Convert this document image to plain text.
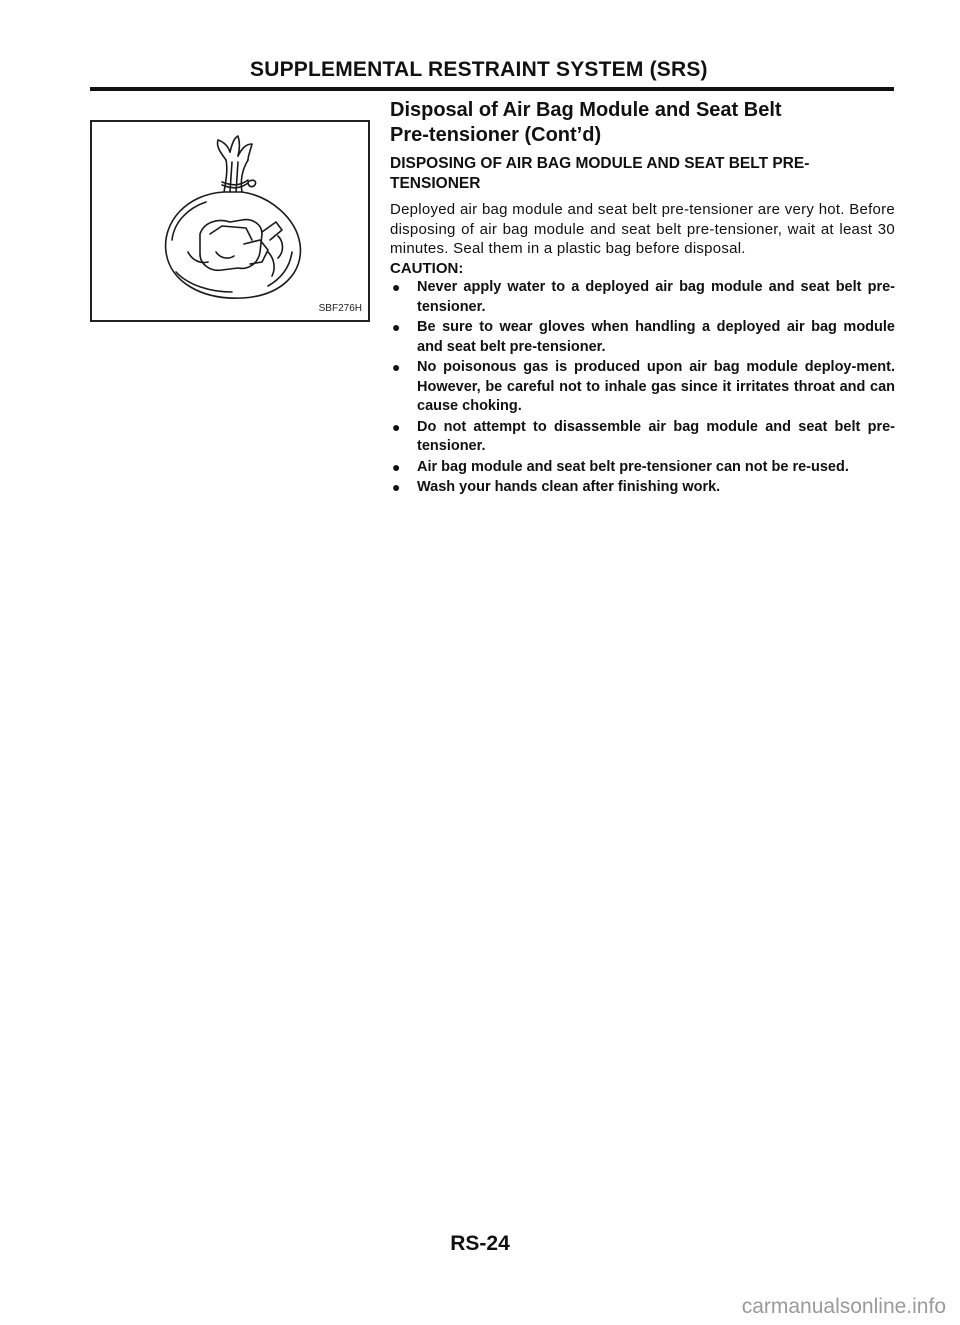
SUPPLEMENTAL RESTRAINT SYSTEM (SRS)
SBF276H
Disposal of Air Bag Module and Seat Belt
Pre-tensioner (Cont’d)
DISPOSING OF AIR BAG MODULE AND SEAT BELT PRE-TENSIONER

Deployed air bag module and seat belt pre-tensioner are very hot. Before disposing of air bag module and seat belt pre-tensioner, wait at least 30 minutes. Seal them in a plastic bag before disposal.

CAUTION:

● Never apply water to a deployed air bag module and seat belt pre-tensioner.
● Be sure to wear gloves when handling a deployed air bag module and seat belt pre-tensioner.
● No poisonous gas is produced upon air bag module deploy-ment. However, be careful not to inhale gas since it irritates throat and can cause choking.
● Do not attempt to disassemble air bag module and seat belt pre-tensioner.
● Air bag module and seat belt pre-tensioner can not be re-used.
● Wash your hands clean after finishing work.
RS-24
carmanualsonline.info
